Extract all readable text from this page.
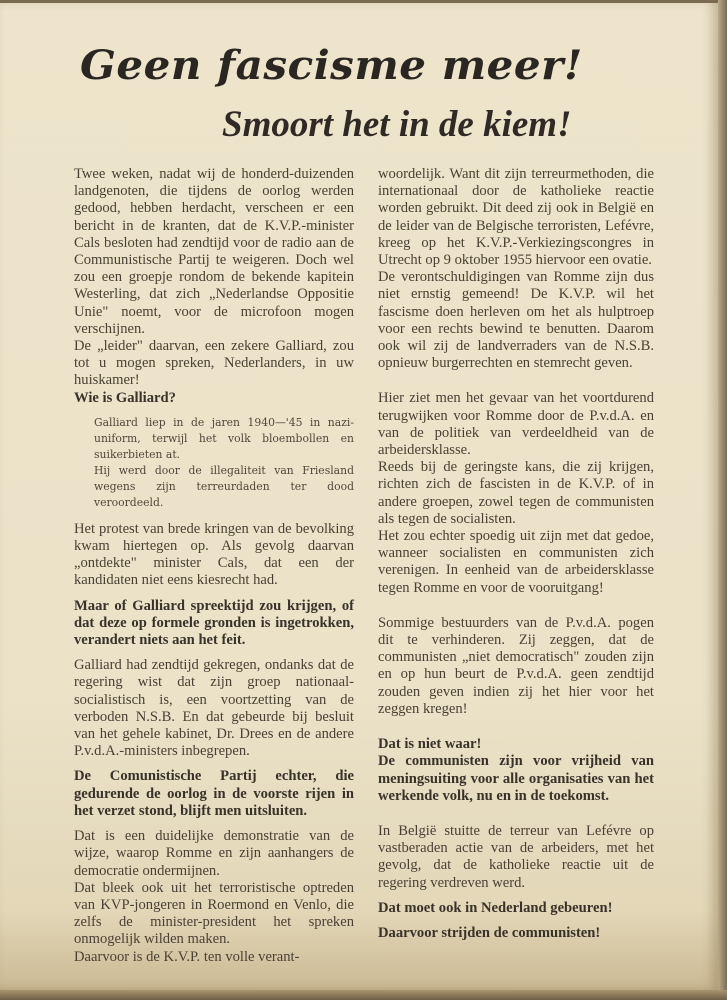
Geen fascisme meer!
Smoort het in de kiem!

Twee weken, nadat wij de honderd-duizenden landgenoten, die tijdens de oorlog werden gedood, hebben herdacht, verscheen er een bericht in de kranten, dat de K.V.P.-minister Cals besloten had zendtijd voor de radio aan de Communistische Partij te weigeren. Doch wel zou een groepje rondom de bekende kapitein Westerling, dat zich „Nederlandse Oppositie Unie" noemt, voor de microfoon mogen verschijnen.

De „leider" daarvan, een zekere Galliard, zou tot u mogen spreken, Nederlanders, in uw huiskamer!

Wie is Galliard?

Galliard liep in de jaren 1940—'45 in nazi-uniform, terwijl het volk bloembollen en suikerbieten at.
Hij werd door de illegaliteit van Friesland wegens zijn terreurdaden ter dood veroordeeld.

Het protest van brede kringen van de bevolking kwam hiertegen op. Als gevolg daarvan „ontdekte" minister Cals, dat een der kandidaten niet eens kiesrecht had.

Maar of Galliard spreektijd zou krijgen, of dat deze op formele gronden is ingetrokken, verandert niets aan het feit.

Galliard had zendtijd gekregen, ondanks dat de regering wist dat zijn groep nationaal-socialistisch is, een voortzetting van de verboden N.S.B. En dat gebeurde bij besluit van het gehele kabinet, Dr. Drees en de andere P.v.d.A.-ministers inbegrepen.

De Comunistische Partij echter, die gedurende de oorlog in de voorste rijen in het verzet stond, blijft men uitsluiten.

Dat is een duidelijke demonstratie van de wijze, waarop Romme en zijn aanhangers de democratie ondermijnen.

Dat bleek ook uit het terroristische optreden van KVP-jongeren in Roermond en Venlo, die zelfs de minister-president het spreken onmogelijk wilden maken.

Daarvoor is de K.V.P. ten volle verant-

woordelijk. Want dit zijn terreurmethoden, die internationaal door de katholieke reactie worden gebruikt. Dit deed zij ook in België en de leider van de Belgische terroristen, Lefévre, kreeg op het K.V.P.-Verkiezingscongres in Utrecht op 9 oktober 1955 hiervoor een ovatie.

De verontschuldigingen van Romme zijn dus niet ernstig gemeend! De K.V.P. wil het fascisme doen herleven om het als hulptroep voor een rechts bewind te benutten. Daarom ook wil zij de landverraders van de N.S.B. opnieuw burgerrechten en stemrecht geven.

Hier ziet men het gevaar van het voortdurend terugwijken voor Romme door de P.v.d.A. en van de politiek van verdeeldheid van de arbeidersklasse.

Reeds bij de geringste kans, die zij krijgen, richten zich de fascisten in de K.V.P. of in andere groepen, zowel tegen de communisten als tegen de socialisten.

Het zou echter spoedig uit zijn met dat gedoe, wanneer socialisten en communisten zich verenigen. In eenheid van de arbeidersklasse tegen Romme en voor de vooruitgang!

Sommige bestuurders van de P.v.d.A. pogen dit te verhinderen. Zij zeggen, dat de communisten „niet democratisch" zouden zijn en op hun beurt de P.v.d.A. geen zendtijd zouden geven indien zij het hier voor het zeggen kregen!

Dat is niet waar!

De communisten zijn voor vrijheid van meningsuiting voor alle organisaties van het werkende volk, nu en in de toekomst.

In België stuitte de terreur van Lefévre op vastberaden actie van de arbeiders, met het gevolg, dat de katholieke reactie uit de regering verdreven werd.

Dat moet ook in Nederland gebeuren!

Daarvoor strijden de communisten!
